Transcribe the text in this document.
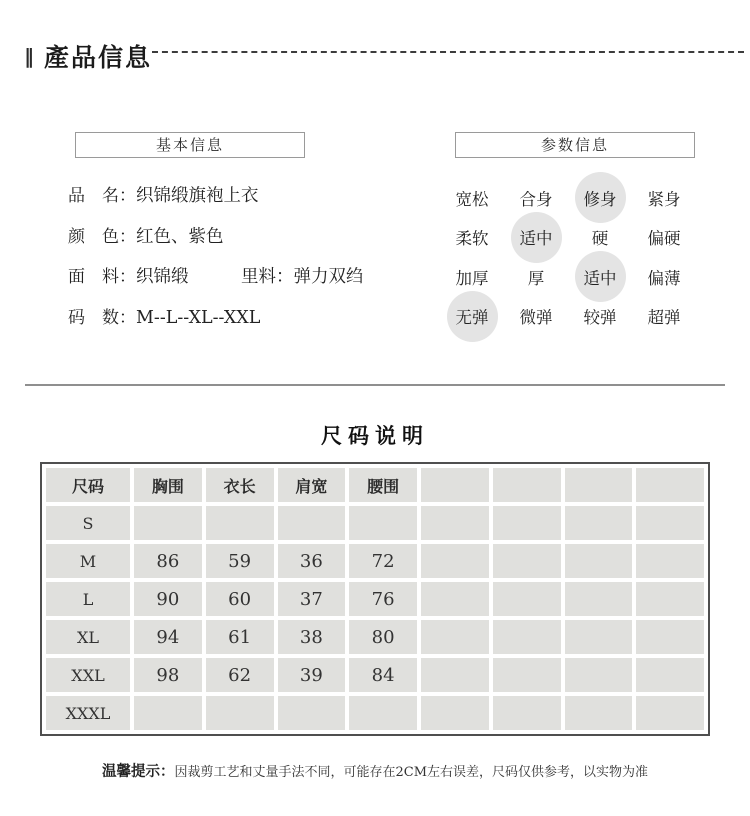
‖ 產品信息
基本信息
品　名：织锦缎旗袍上衣
颜　色：红色、紫色
面　料：织锦缎　　　里料：弹力双绉
码　数：M--L--XL--XXL
参数信息
宽松 合身 修身 紧身
柔软 适中 硬 偏硬
加厚 厚 适中 偏薄
无弹 微弹 较弹 超弹
尺码说明
尺码	胸围	衣长	肩宽	腰围				
S								
M	86	59	36	72				
L	90	60	37	76				
XL	94	61	38	80				
XXL	98	62	39	84				
XXXL								

温馨提示：因裁剪工艺和丈量手法不同，可能存在2CM左右误差，尺码仅供参考，以实物为准
